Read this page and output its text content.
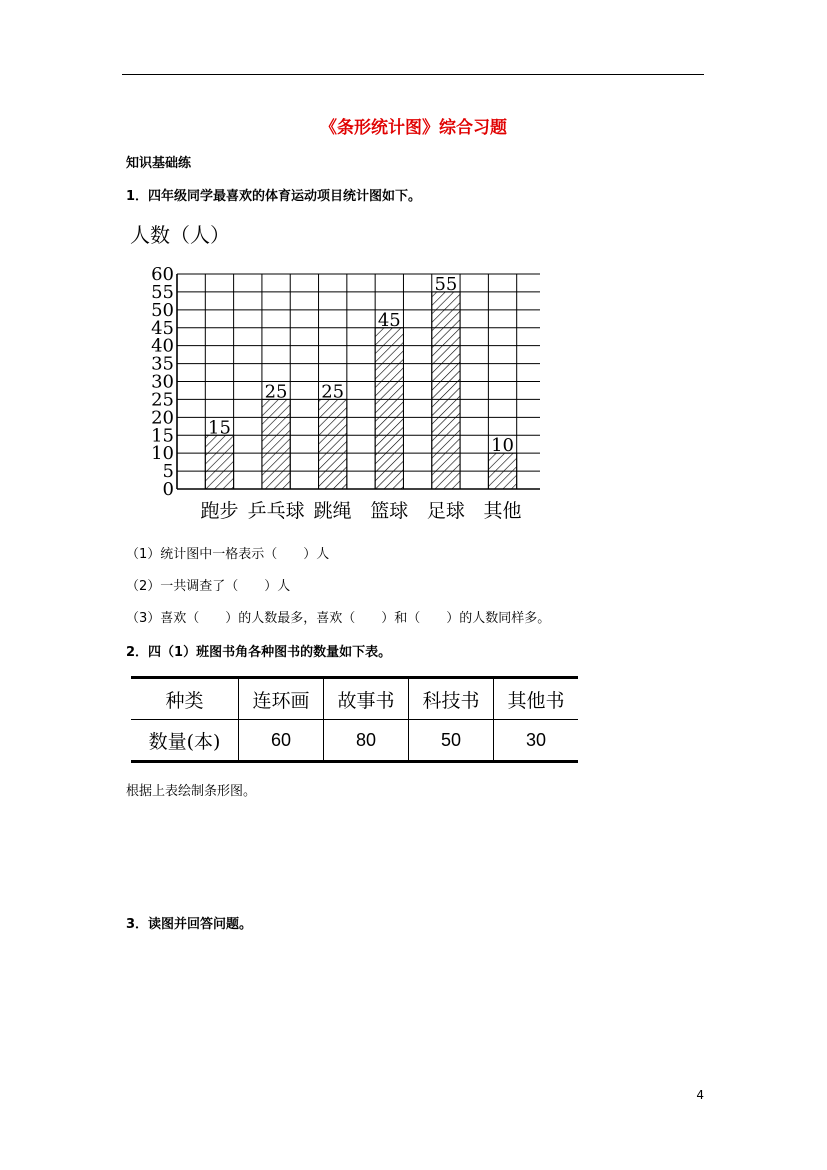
《条形统计图》综合习题
知识基础练
1．四年级同学最喜欢的体育运动项目统计图如下。
人数（人）
0
5
10
15
20
25
30
35
40
45
50
55
60
15
25 25
45
55
10
跑步 乒乓球 跳绳 篮球 足球 其他
（1）统计图中一格表示（　　）人
（2）一共调查了（　　）人
（3）喜欢（　　）的人数最多，喜欢（　　）和（　　）的人数同样多。
2．四（1）班图书角各种图书的数量如下表。
种类	连环画	故事书	科技书	其他书
数量(本)	60	80	50	30
根据上表绘制条形图。
3．读图并回答问题。
4
